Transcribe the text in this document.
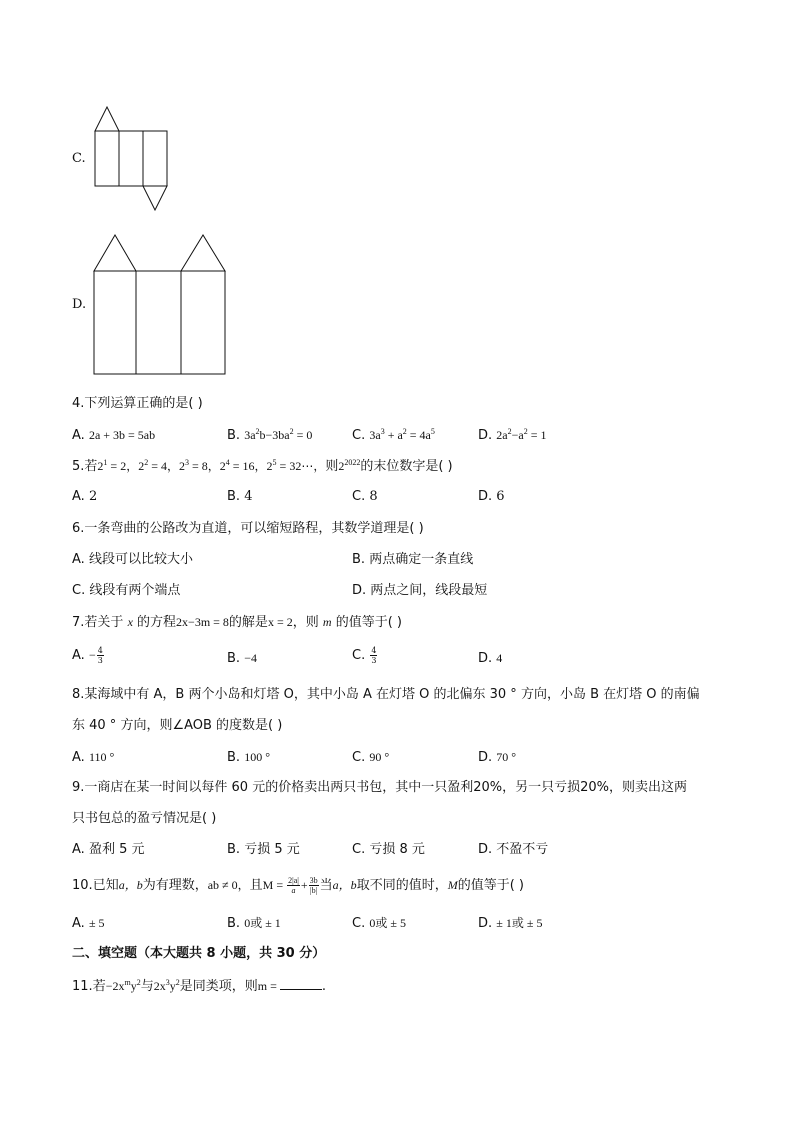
C.
D.
4.下列运算正确的是( )
A. 2a + 3b = 5ab	B. $3a^2b-3ba^2 = 0$	C. $3a^3 + a^2 = 4a^5$	D. $2a^2-a^2 = 1$
5.若$2^1 = 2$，$2^2 = 4$，$2^3 = 8$，$2^4 = 16$，$2^5$ = 32⋯，则$2^{2022}$的末位数字是( )
A. 2	B. 4	C. 8	D. 6
6.一条弯曲的公路改为直道，可以缩短路程，其数学道理是( )
A. 线段可以比较大小	B. 两点确定一条直线
C. 线段有两个端点	D. 两点之间，线段最短
7.若关于 x 的方程2x−3m = 8的解是x = 2，则 m 的值等于( )
A. − $\frac{4}{3}$	B. −4	C. $\frac{4}{3}$	D. 4
8.某海域中有 A，B 两个小岛和灯塔 O，其中小岛 A 在灯塔 O 的北偏东 30 ° 方向，小岛 B 在灯塔 O 的南偏
东 40 ° 方向，则∠AOB 的度数是( )
A. 110 °	B. 100 °	C. 90 °	D. 70 °
9.一商店在某一时间以每件 60 元的价格卖出两只书包，其中一只盈利20%，另一只亏损20%，则卖出这两
只书包总的盈亏情况是( )
A. 盈利 5 元	B. 亏损 5 元	C. 亏损 8 元	D. 不盈不亏
10.已知a，b为有理数，ab ≠ 0，且$M = \frac{2|a|}{a} + \frac{3b}{|b|}$ 当a，b取不同的值时，M的值等于( )
A. ± 5	B. 0或 ± 1	C. 0或 ± 5	D. ± 1或 ± 5
二、填空题（本大题共 8 小题，共 30 分）
11.若$-2x^my^2$与$2x^3y^2$是同类项，则m =	.
